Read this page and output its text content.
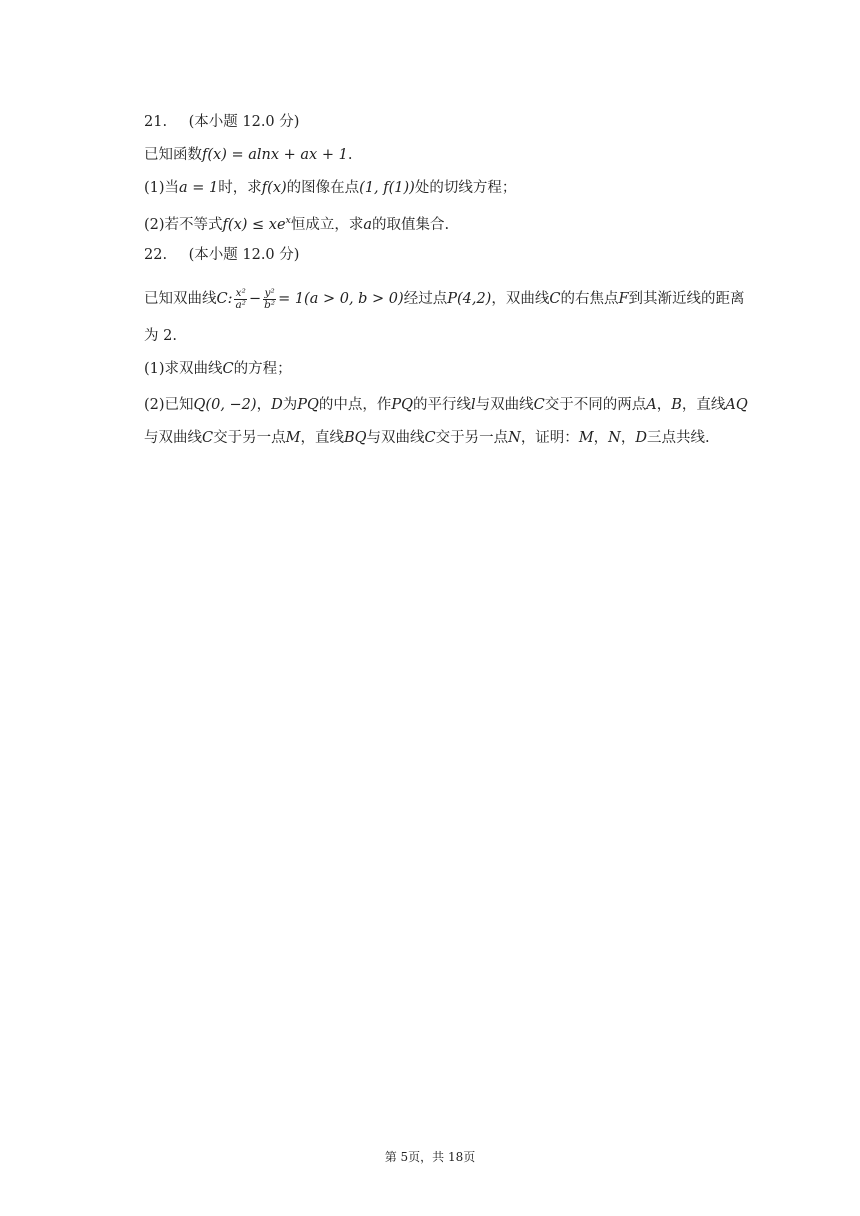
21. (本小题 12.0 分)
已知函数f(x) = alnx + ax + 1.
(1)当a = 1时，求f(x)的图像在点(1, f(1))处的切线方程；
(2)若不等式$f(x) \le xe^x$恒成立，求a的取值集合.
22. (本小题 12.0 分)
已知双曲线C: $\frac{\text{x²}}{\text{a²}} - \frac{\text{y²}}{\text{b²}} = 1(a > 0$, b > 0)经过点P(4,2)，双曲线C的右焦点F到其渐近线的距离
为 2.
(1)求双曲线C的方程；
(2)已知Q(0, −2)，D为PQ的中点，作PQ的平行线l与双曲线C交于不同的两点A，B，直线AQ
与双曲线C交于另一点M，直线BQ与双曲线C交于另一点N，证明：M，N，D三点共线.
第 5页，共 18页
